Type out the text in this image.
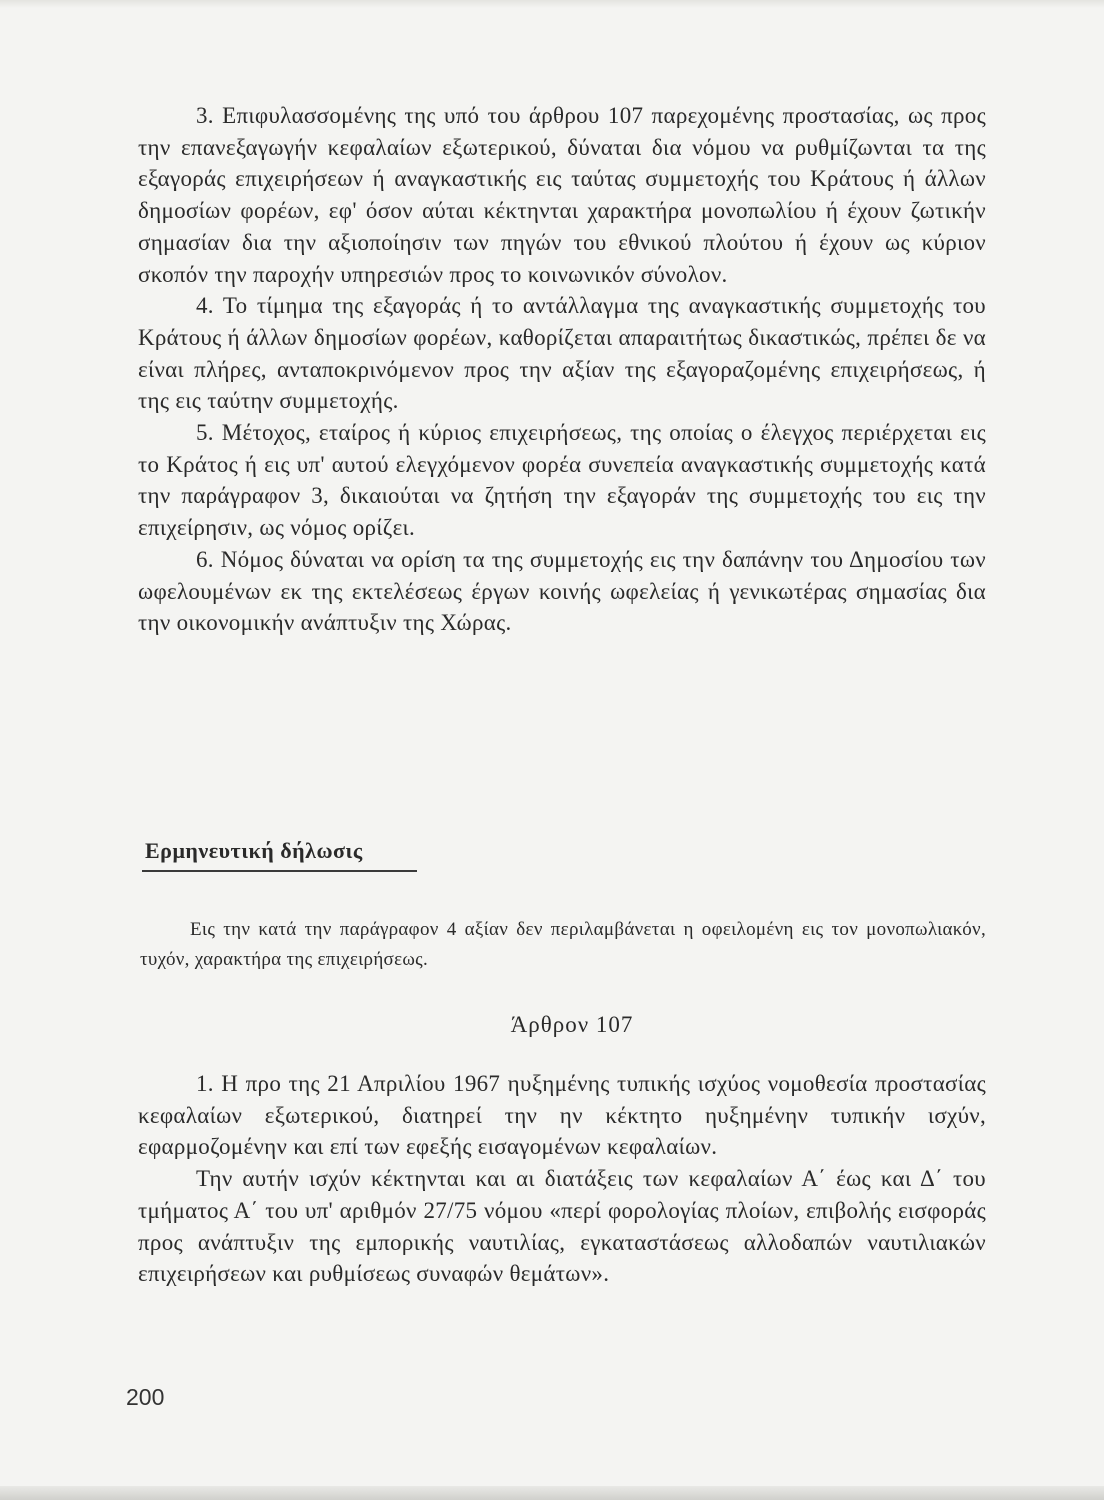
3. Επιφυλασσομένης της υπό του άρθρου 107 παρεχομένης προστασίας, ως προς την επανεξαγωγήν κεφαλαίων εξωτερικού, δύναται δια νόμου να ρυθμίζωνται τα της εξαγοράς επιχειρήσεων ή αναγκαστικής εις ταύτας συμμετοχής του Κράτους ή άλλων δημοσίων φορέων, εφ' όσον αύται κέκτηνται χαρακτήρα μονοπωλίου ή έχουν ζωτικήν σημασίαν δια την αξιοποίησιν των πηγών του εθνικού πλούτου ή έχουν ως κύριον σκοπόν την παροχήν υπηρεσιών προς το κοινωνικόν σύνολον.

4. Το τίμημα της εξαγοράς ή το αντάλλαγμα της αναγκαστικής συμμετοχής του Κράτους ή άλλων δημοσίων φορέων, καθορίζεται απαραιτήτως δικαστικώς, πρέπει δε να είναι πλήρες, ανταποκρινόμενον προς την αξίαν της εξαγοραζομένης επιχειρήσεως, ή της εις ταύτην συμμετοχής.

5. Μέτοχος, εταίρος ή κύριος επιχειρήσεως, της οποίας ο έλεγχος περιέρχεται εις το Κράτος ή εις υπ' αυτού ελεγχόμενον φορέα συνεπεία αναγκαστικής συμμετοχής κατά την παράγραφον 3, δικαιούται να ζητήση την εξαγοράν της συμμετοχής του εις την επιχείρησιν, ως νόμος ορίζει.

6. Νόμος δύναται να ορίση τα της συμμετοχής εις την δαπάνην του Δημοσίου των ωφελουμένων εκ της εκτελέσεως έργων κοινής ωφελείας ή γενικωτέρας σημασίας δια την οικονομικήν ανάπτυξιν της Χώρας.

Ερμηνευτική δήλωσις

Εις την κατά την παράγραφον 4 αξίαν δεν περιλαμβάνεται η οφειλομένη εις τον μονοπωλιακόν, τυχόν, χαρακτήρα της επιχειρήσεως.

Άρθρον 107

1. Η προ της 21 Απριλίου 1967 ηυξημένης τυπικής ισχύος νομοθεσία προστασίας κεφαλαίων εξωτερικού, διατηρεί την ην κέκτητο ηυξημένην τυπικήν ισχύν, εφαρμοζομένην και επί των εφεξής εισαγομένων κεφαλαίων.

Την αυτήν ισχύν κέκτηνται και αι διατάξεις των κεφαλαίων Α΄ έως και Δ΄ του τμήματος Α΄ του υπ' αριθμόν 27/75 νόμου «περί φορολογίας πλοίων, επιβολής εισφοράς προς ανάπτυξιν της εμπορικής ναυτιλίας, εγκαταστάσεως αλλοδαπών ναυτιλιακών επιχειρήσεων και ρυθμίσεως συναφών θεμάτων».

200
